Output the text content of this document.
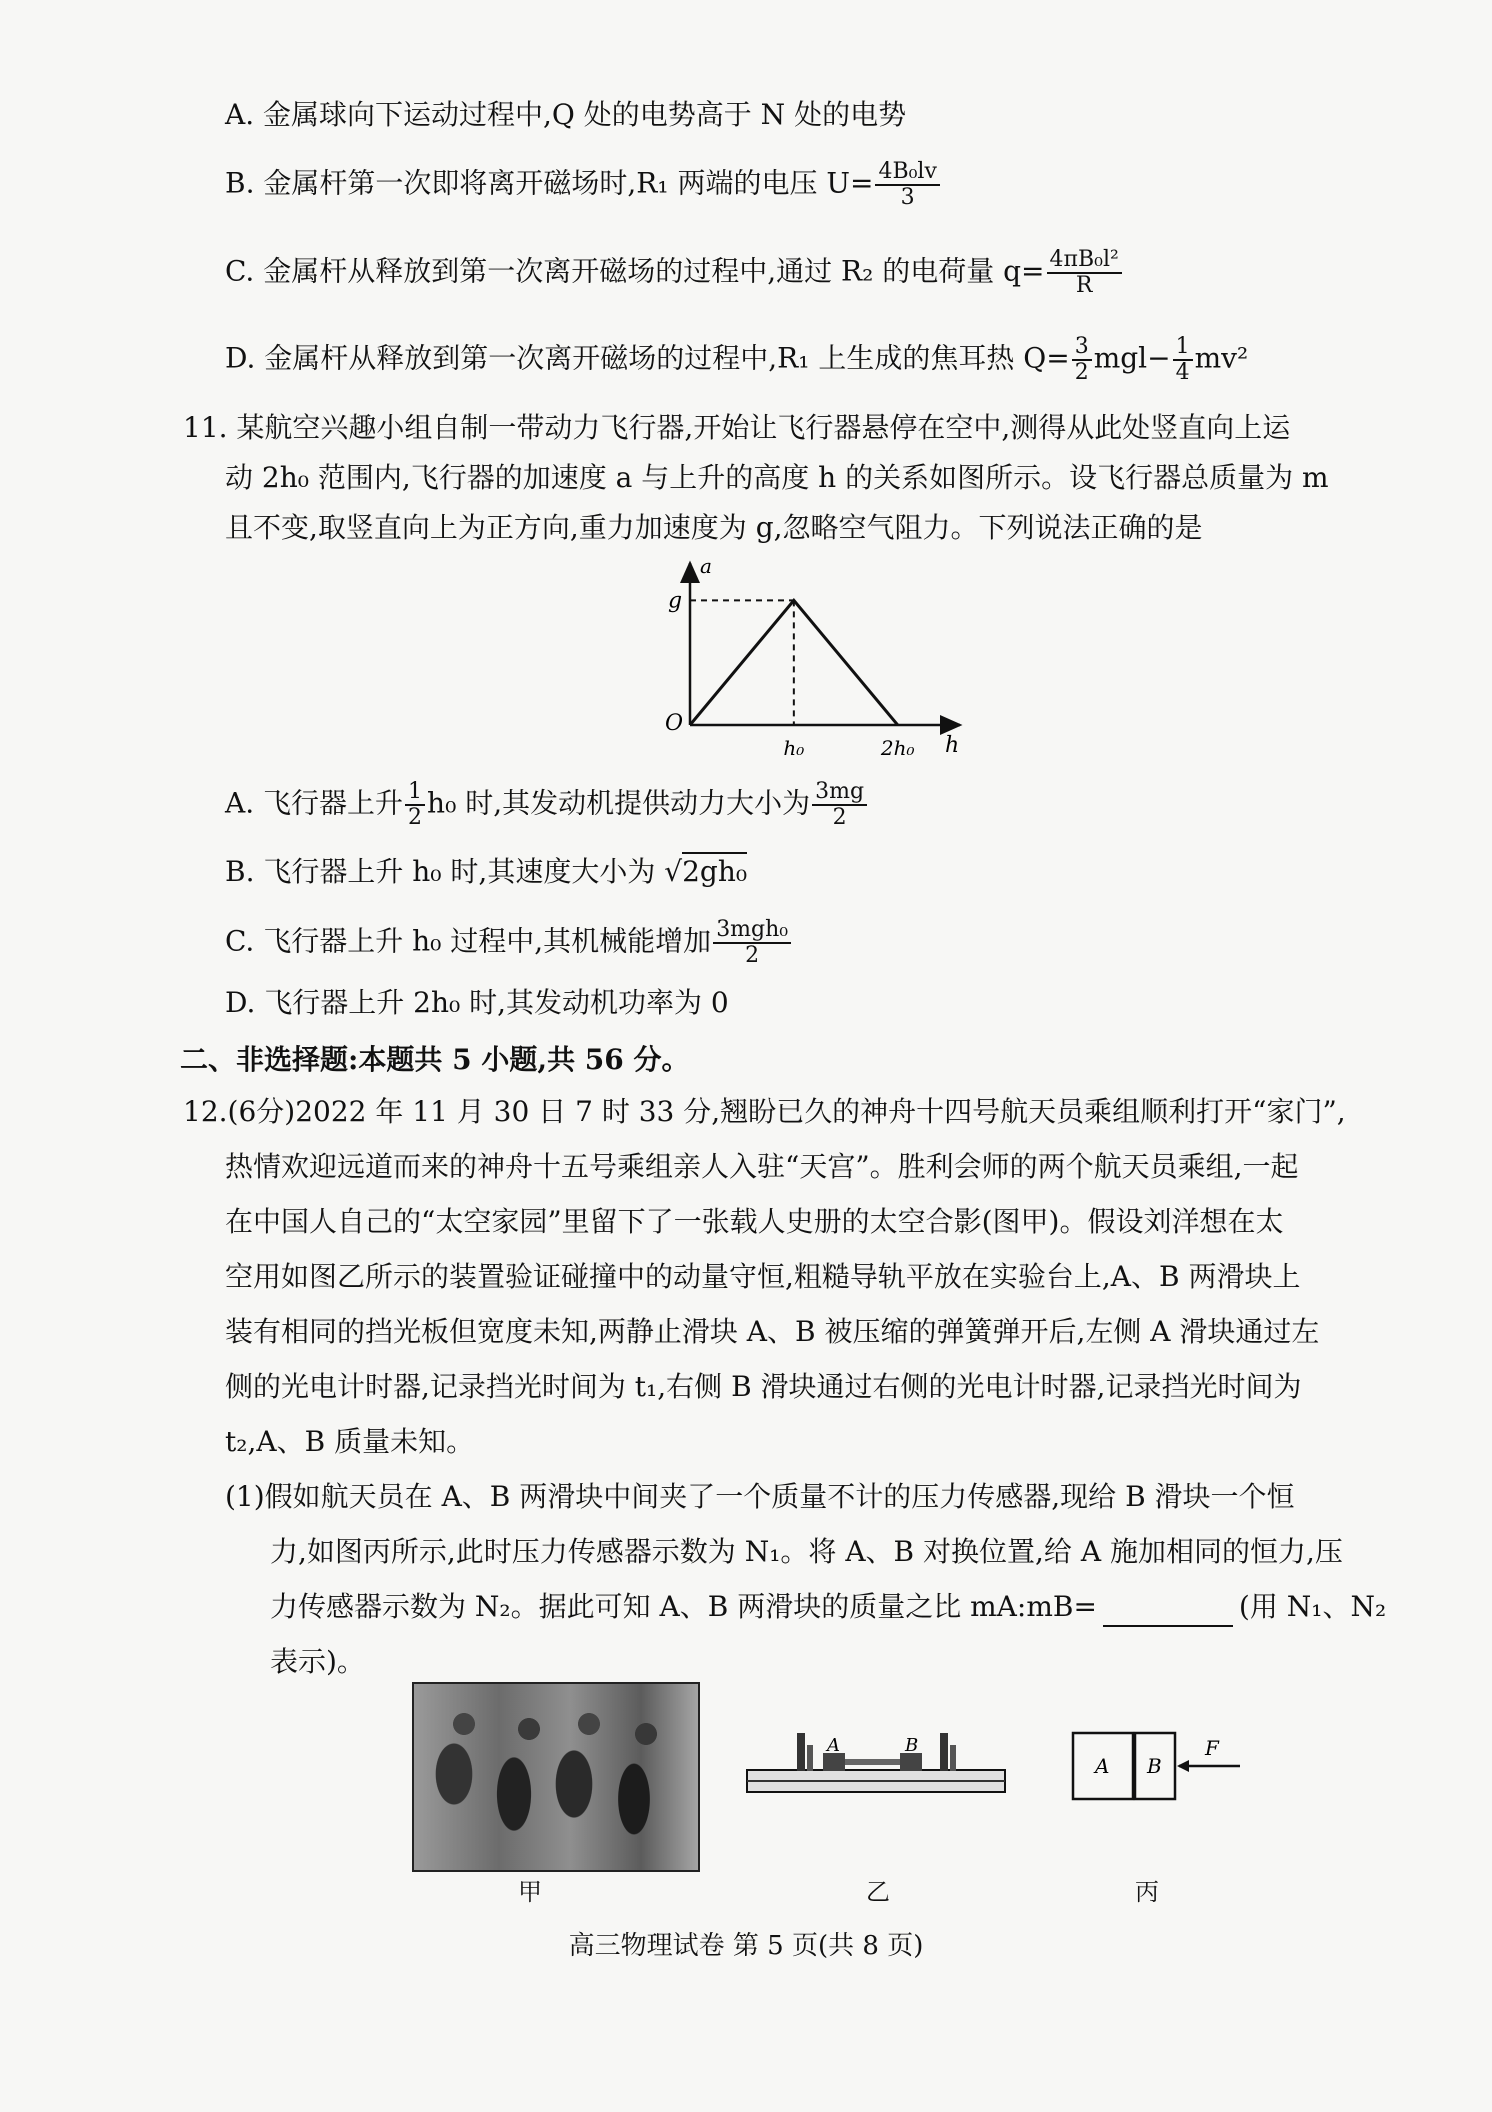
A. 金属球向下运动过程中,Q 处的电势高于 N 处的电势
B. 金属杆第一次即将离开磁场时,R₁ 两端的电压 $U= \frac{\text{4B₀lv}}{3}$
C. 金属杆从释放到第一次离开磁场的过程中,通过 R₂ 的电荷量 $q= \frac{\text{4πB₀l²}}{R}$
D. 金属杆从释放到第一次离开磁场的过程中,R₁ 上生成的焦耳热 $Q= \frac{3}{2} mgl- \frac{1}{4} mv^2$
11. 某航空兴趣小组自制一带动力飞行器,开始让飞行器悬停在空中,测得从此处竖直向上运
动 2h₀ 范围内,飞行器的加速度 a 与上升的高度 h 的关系如图所示。设飞行器总质量为 m
且不变,取竖直向上为正方向,重力加速度为 g,忽略空气阻力。下列说法正确的是
a
h
O
g
h₀	2h₀
A. 飞行器上升 $\frac{1}{2} h_0$ 时,其发动机提供动力大小为 $\frac{3mg}{2}$
B. 飞行器上升 h₀ 时,其速度大小为 √2gh₀
C. 飞行器上升 h₀ 过程中,其机械能增加 $\frac{\text{3mgh₀}}{2}$
D. 飞行器上升 2h₀ 时,其发动机功率为 0
二、非选择题:本题共 5 小题,共 56 分。
12.(6分)2022 年 11 月 30 日 7 时 33 分,翘盼已久的神舟十四号航天员乘组顺利打开“家门”,
热情欢迎远道而来的神舟十五号乘组亲人入驻“天宫”。胜利会师的两个航天员乘组,一起
在中国人自己的“太空家园”里留下了一张载人史册的太空合影(图甲)。假设刘洋想在太
空用如图乙所示的装置验证碰撞中的动量守恒,粗糙导轨平放在实验台上,A、B 两滑块上
装有相同的挡光板但宽度未知,两静止滑块 A、B 被压缩的弹簧弹开后,左侧 A 滑块通过左
侧的光电计时器,记录挡光时间为 t₁,右侧 B 滑块通过右侧的光电计时器,记录挡光时间为
t₂,A、B 质量未知。
(1)假如航天员在 A、B 两滑块中间夹了一个质量不计的压力传感器,现给 B 滑块一个恒
力,如图丙所示,此时压力传感器示数为 N₁。将 A、B 对换位置,给 A 施加相同的恒力,压
力传感器示数为 N₂。据此可知 A、B 两滑块的质量之比 mA:mB=	(用 N₁、N₂
表示)。
甲
A	B
乙
A B
F
丙
高三物理试卷 第 5 页(共 8 页)
